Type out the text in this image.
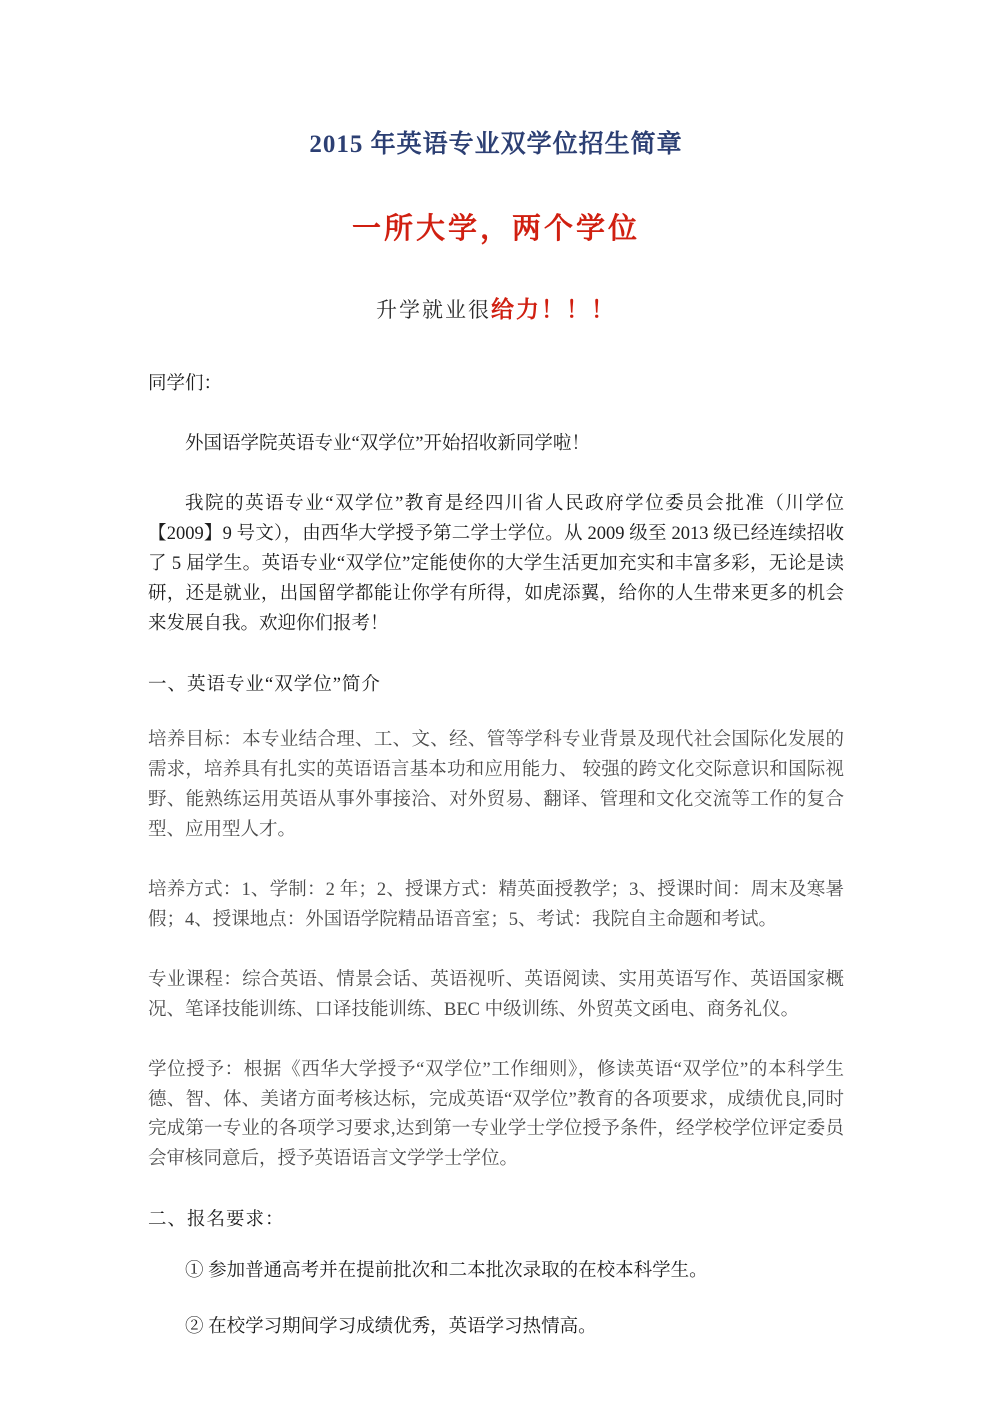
2015 年英语专业双学位招生简章
一所大学，两个学位
升学就业很给力！！！

同学们：

外国语学院英语专业“双学位”开始招收新同学啦！

我院的英语专业“双学位”教育是经四川省人民政府学位委员会批准（川学位【2009】9 号文），由西华大学授予第二学士学位。从 2009 级至 2013 级已经连续招收了 5 届学生。英语专业“双学位”定能使你的大学生活更加充实和丰富多彩，无论是读研，还是就业，出国留学都能让你学有所得，如虎添翼，给你的人生带来更多的机会来发展自我。欢迎你们报考！

一、英语专业“双学位”简介

培养目标：本专业结合理、工、文、经、管等学科专业背景及现代社会国际化发展的需求，培养具有扎实的英语语言基本功和应用能力、 较强的跨文化交际意识和国际视野、能熟练运用英语从事外事接洽、对外贸易、翻译、管理和文化交流等工作的复合型、应用型人才。

培养方式：1、学制：2 年；2、授课方式：精英面授教学；3、授课时间：周末及寒暑假；4、授课地点：外国语学院精品语音室；5、考试：我院自主命题和考试。

专业课程：综合英语、情景会话、英语视听、英语阅读、实用英语写作、英语国家概况、笔译技能训练、口译技能训练、BEC 中级训练、外贸英文函电、商务礼仪。

学位授予：根据《西华大学授予“双学位”工作细则》，修读英语“双学位”的本科学生德、智、体、美诸方面考核达标，完成英语“双学位”教育的各项要求，成绩优良,同时完成第一专业的各项学习要求,达到第一专业学士学位授予条件，经学校学位评定委员会审核同意后，授予英语语言文学学士学位。

二、报名要求：

① 参加普通高考并在提前批次和二本批次录取的在校本科学生。

② 在校学习期间学习成绩优秀，英语学习热情高。
